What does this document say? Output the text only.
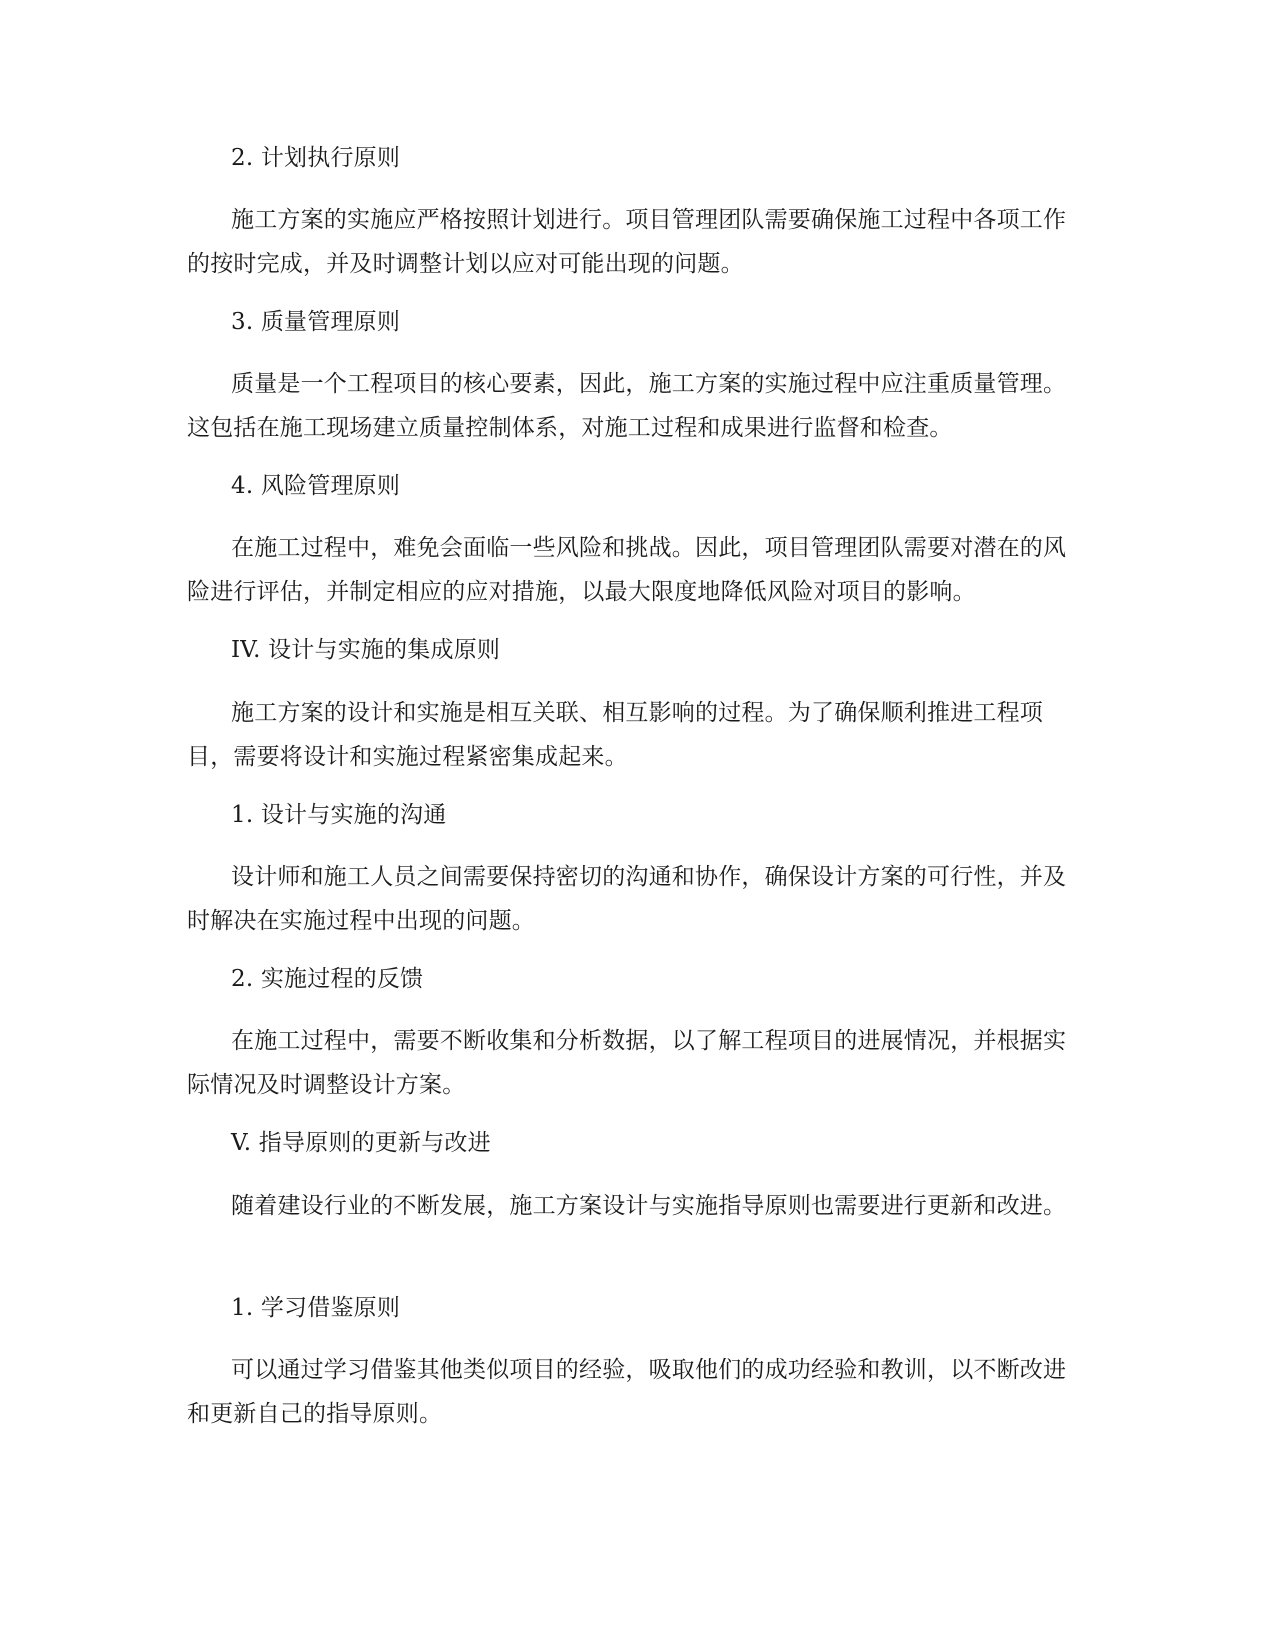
2. 计划执行原则

施工方案的实施应严格按照计划进行。项目管理团队需要确保施工过程中各项工作的按时完成，并及时调整计划以应对可能出现的问题。

3. 质量管理原则

质量是一个工程项目的核心要素，因此，施工方案的实施过程中应注重质量管理。这包括在施工现场建立质量控制体系，对施工过程和成果进行监督和检查。

4. 风险管理原则

在施工过程中，难免会面临一些风险和挑战。因此，项目管理团队需要对潜在的风险进行评估，并制定相应的应对措施，以最大限度地降低风险对项目的影响。

IV. 设计与实施的集成原则

施工方案的设计和实施是相互关联、相互影响的过程。为了确保顺利推进工程项目，需要将设计和实施过程紧密集成起来。

1. 设计与实施的沟通

设计师和施工人员之间需要保持密切的沟通和协作，确保设计方案的可行性，并及时解决在实施过程中出现的问题。

2. 实施过程的反馈

在施工过程中，需要不断收集和分析数据，以了解工程项目的进展情况，并根据实际情况及时调整设计方案。

V. 指导原则的更新与改进

随着建设行业的不断发展，施工方案设计与实施指导原则也需要进行更新和改进。

1. 学习借鉴原则

可以通过学习借鉴其他类似项目的经验，吸取他们的成功经验和教训，以不断改进和更新自己的指导原则。
